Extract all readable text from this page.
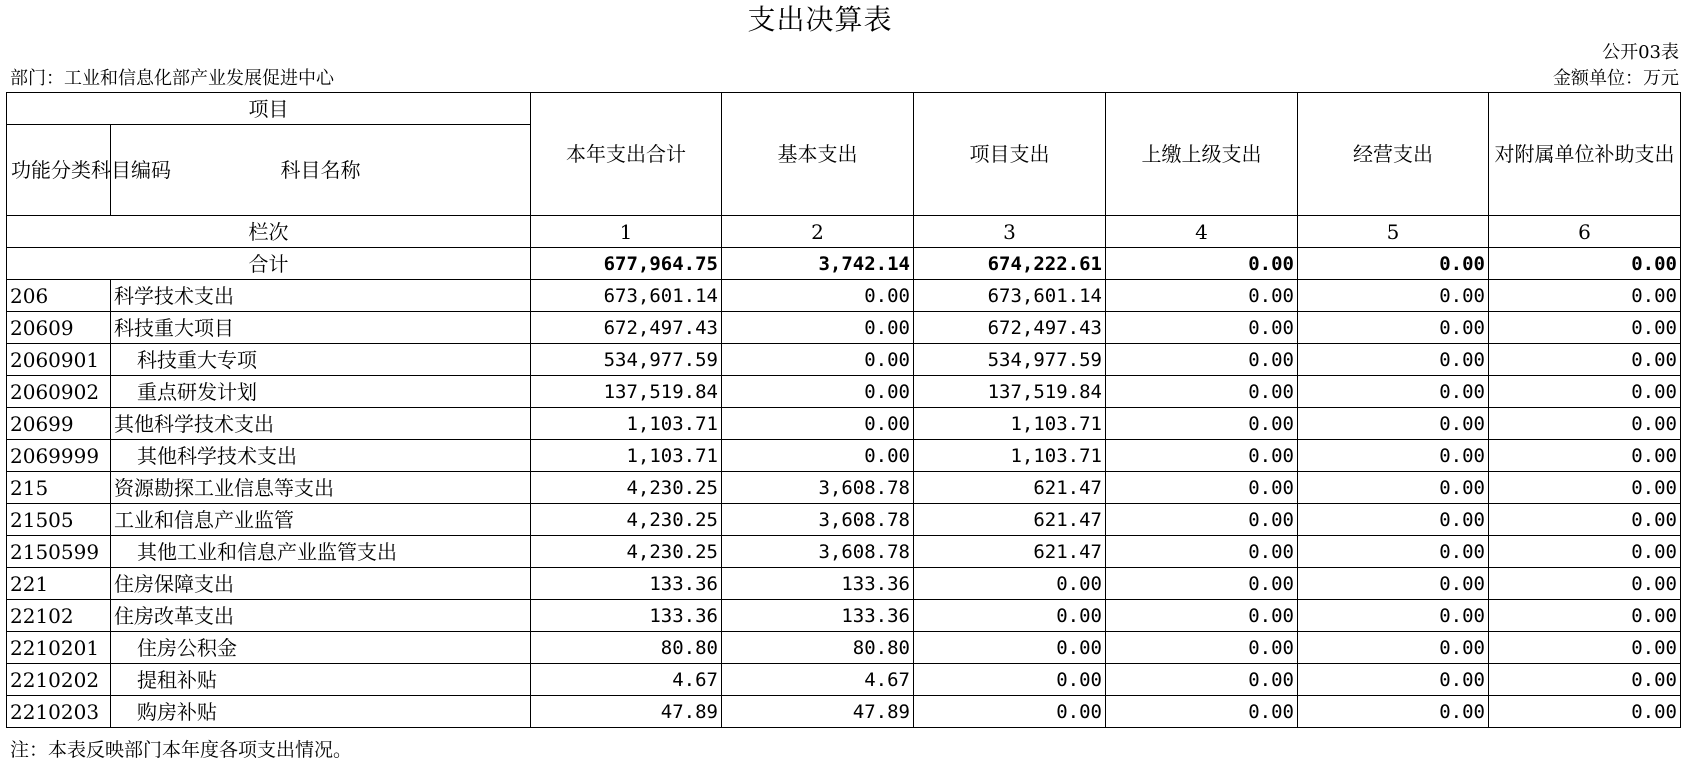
支出决算表
公开03表
部门：工业和信息化部产业发展促进中心	金额单位：万元
项目		本年支出合计	基本支出	项目支出	上缴上级支出	经营支出	对附属单位补助支出
功能分类科目编码	科目名称						
栏次		1	2	3	4	5	6
合计		677,964.75	3,742.14	674,222.61	0.00	0.00	0.00
206	科学技术支出	673,601.14	0.00	673,601.14	0.00	0.00	0.00
20609	科技重大项目	672,497.43	0.00	672,497.43	0.00	0.00	0.00
2060901	科技重大专项	534,977.59	0.00	534,977.59	0.00	0.00	0.00
2060902	重点研发计划	137,519.84	0.00	137,519.84	0.00	0.00	0.00
20699	其他科学技术支出	1,103.71	0.00	1,103.71	0.00	0.00	0.00
2069999	其他科学技术支出	1,103.71	0.00	1,103.71	0.00	0.00	0.00
215	资源勘探工业信息等支出	4,230.25	3,608.78	621.47	0.00	0.00	0.00
21505	工业和信息产业监管	4,230.25	3,608.78	621.47	0.00	0.00	0.00
2150599	其他工业和信息产业监管支出	4,230.25	3,608.78	621.47	0.00	0.00	0.00
221	住房保障支出	133.36	133.36	0.00	0.00	0.00	0.00
22102	住房改革支出	133.36	133.36	0.00	0.00	0.00	0.00
2210201	住房公积金	80.80	80.80	0.00	0.00	0.00	0.00
2210202	提租补贴	4.67	4.67	0.00	0.00	0.00	0.00
2210203	购房补贴	47.89	47.89	0.00	0.00	0.00	0.00
注：本表反映部门本年度各项支出情况。
